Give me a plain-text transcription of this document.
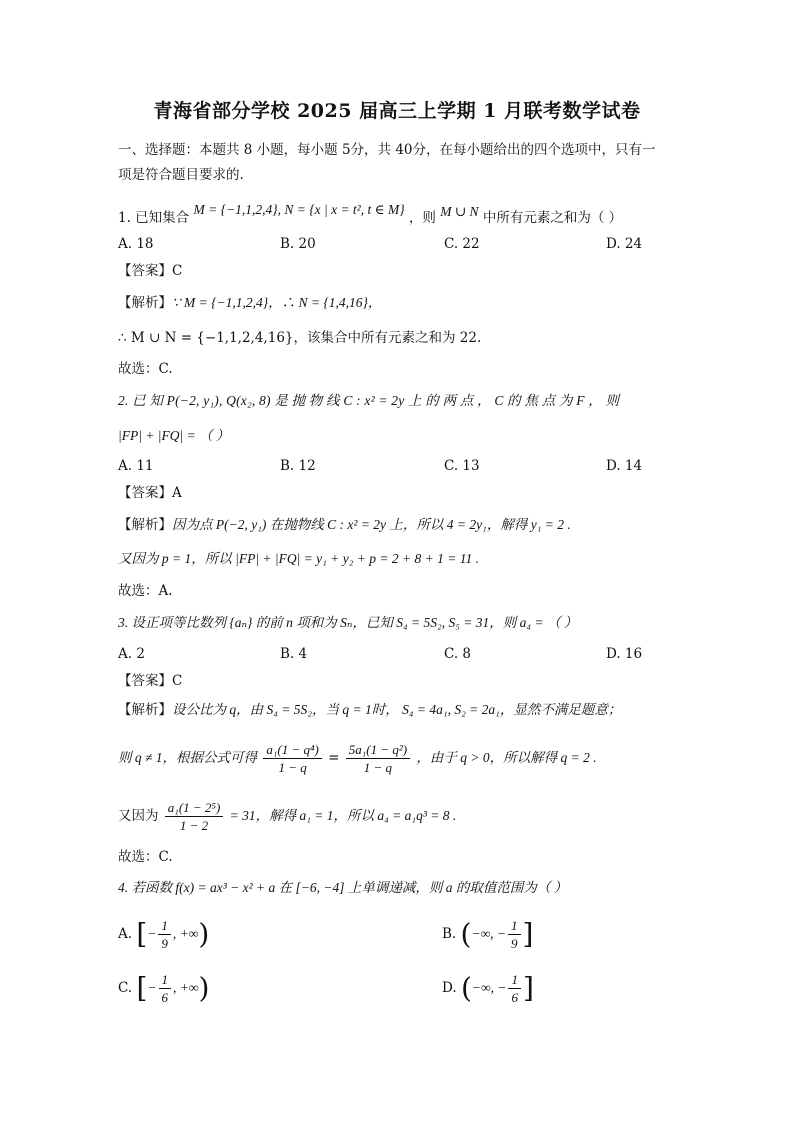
青海省部分学校 2025 届高三上学期 1 月联考数学试卷
一、选择题：本题共 8 小题，每小题 5分，共 40分，在每小题给出的四个选项中，只有一
项是符合题目要求的.
1. 已知集合 M = {−1,1,2,4}, N = {x | x = t², t ∈ M} ，则 M ∪ N 中所有元素之和为（ ）
A. 18	B. 20	C. 22	D. 24
【答案】C
【解析】∵ M = {−1,1,2,4}，∴ N = {1,4,16}，
∴ M ∪ N = {−1,1,2,4,16}，该集合中所有元素之和为 22.
故选：C.
2. 已 知 P(−2, y₁), Q(x₂, 8) 是 抛 物 线 C : x² = 2y 上 的 两 点 ， C 的 焦 点 为 F ， 则
|FP| + |FQ| = （ ）
A. 11	B. 12	C. 13	D. 14
【答案】A
【解析】因为点 P(−2, y₁) 在抛物线 C : x² = 2y 上，所以 4 = 2y₁，解得 y₁ = 2 .
又因为 p = 1，所以 |FP| + |FQ| = y₁ + y₂ + p = 2 + 8 + 1 = 11 .
故选：A.
3. 设正项等比数列 {aₙ} 的前 n 项和为 Sₙ，已知 S₄ = 5S₂, S₅ = 31，则 a₄ = （ ）
A. 2	B. 4	C. 8	D. 16
【答案】C
【解析】设公比为 q，由 S₄ = 5S₂，当 q = 1时， S₄ = 4a₁, S₂ = 2a₁，显然不满足题意；
则 q ≠ 1，根据公式可得 $\frac{\text{a₁(1 − q⁴)}}{1 - q} = \frac{\text{5a₁(1 − q²)}}{1 - q}$ ，由于 q > 0，所以解得 q = 2 .
又因为 $\frac{\text{a₁(1 − 2⁵)}}{1 - 2} = 31$，解得 a₁ = 1，所以 a₄ = a₁q³ = 8 .
故选：C.
4. 若函数 f(x) = ax³ − x² + a 在 [−6, −4] 上单调递减，则 a 的取值范围为（ ）
A. [− $\frac{1}{9}$ , +∞)	B. (−∞, − $\frac{1}{9}$ ]
C. [− $\frac{1}{6}$ , +∞)	D. (−∞, − $\frac{1}{6}$ ]
